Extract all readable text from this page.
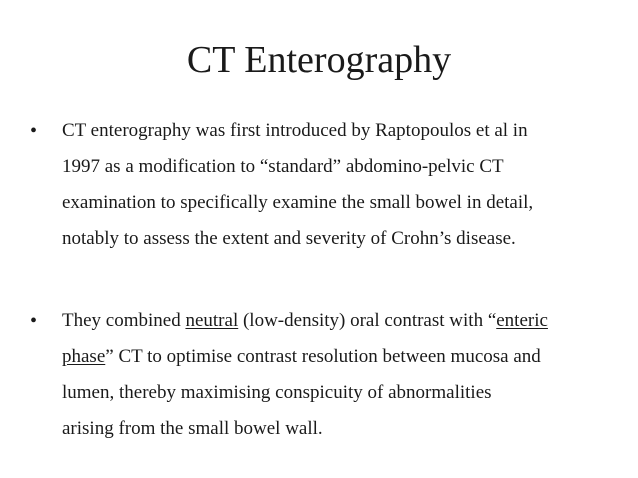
CT Enterography
• CT enterography was first introduced by Raptopoulos et al in
1997 as a modification to “standard” abdomino-pelvic CT
examination to specifically examine the small bowel in detail,
notably to assess the extent and severity of Crohn’s disease.
• They combined neutral (low-density) oral contrast with “enteric
phase” CT to optimise contrast resolution between mucosa and
lumen, thereby maximising conspicuity of abnormalities
arising from the small bowel wall.
